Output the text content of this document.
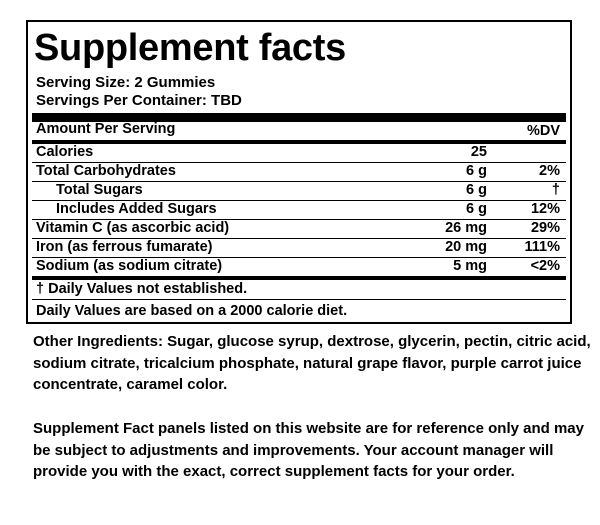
Supplement facts
Serving Size: 2 Gummies
Servings Per Container: TBD
Amount Per Serving	%DV
Calories	25
Total Carbohydrates	6 g	2%
Total Sugars	6 g	†
Includes Added Sugars	6 g	12%
Vitamin C (as ascorbic acid)	26 mg	29%
Iron (as ferrous fumarate)	20 mg	111%
Sodium (as sodium citrate)	5 mg	<2%
† Daily Values not established.
Daily Values are based on a 2000 calorie diet.

Other Ingredients: Sugar, glucose syrup, dextrose, glycerin, pectin, citric acid, sodium citrate, tricalcium phosphate, natural grape flavor, purple carrot juice concentrate, caramel color.

Supplement Fact panels listed on this website are for reference only and may be subject to adjustments and improvements. Your account manager will provide you with the exact, correct supplement facts for your order.
